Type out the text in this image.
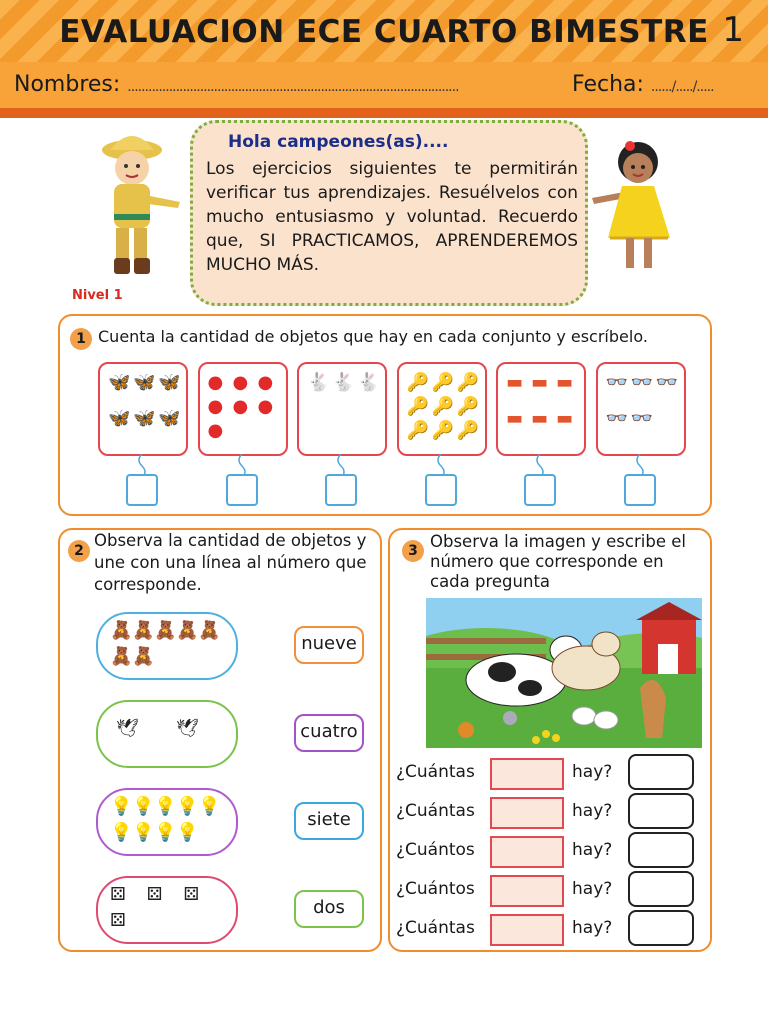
EVALUACION ECE CUARTO BIMESTRE 1
Nombres: ................................................................................................	Fecha: ....../...../.....
Hola campeones(as)....
Los ejercicios siguientes te permitirán verificar tus aprendizajes. Resuélvelos con mucho entusiasmo y voluntad. Recuerdo que, SI PRACTICAMOS, APRENDEREMOS MUCHO MÁS.
Nivel 1
1 Cuenta la cantidad de objetos que hay en cada conjunto y escríbelo.
🦋 🦋 🦋
🦋 🦋 🦋
● ● ●
● ● ●
●
🐇 🐇 🐇 🔑 🔑 🔑
🔑 🔑 🔑
🔑 🔑 🔑
▬ ▬ ▬
▬ ▬ ▬
👓 👓 👓
👓 👓
2
Observa la cantidad de objetos y une con una línea al número que corresponde.
🧸 🧸 🧸 🧸 🧸
🧸 🧸
🕊 🕊
💡 💡 💡 💡 💡
💡 💡 💡 💡
⚄ ⚄ ⚄
⚄
nueve
cuatro
siete
dos
3 Observa la imagen y escribe el número que corresponde en cada pregunta
¿Cuántas	hay?
¿Cuántas	hay?
¿Cuántos	hay?
¿Cuántos	hay?
¿Cuántas	hay?
